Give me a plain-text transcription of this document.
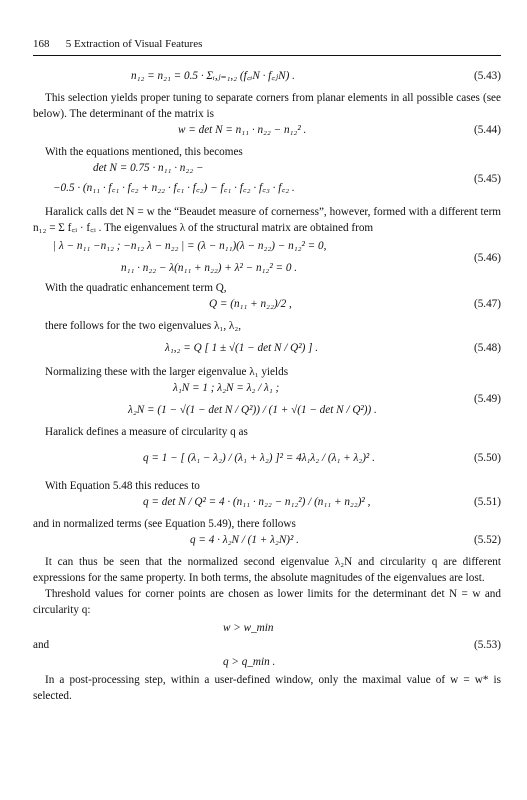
168 5 Extraction of Visual Features
n₁₂ = n₂₁ = 0.5 · Σᵢ,ⱼ₌₁,₂ (f꜀ᵢN · f꜀ⱼN) .	(5.43)

This selection yields proper tuning to separate corners from planar elements in all possible cases (see below). The determinant of the matrix is

w = det N = n₁₁ · n₂₂ − n₁₂² .	(5.44)

With the equations mentioned, this becomes

det N = 0.75 · n₁₁ · n₂₂ −
−0.5 · (n₁₁ · f꜀₁ · f꜀₂ + n₂₂ · f꜀₁ · f꜀₂) − f꜀₁ · f꜀₂ · f꜀₃ · f꜀₂ .
(5.45)

Haralick calls det N = w the “Beaudet measure of cornerness”, however, formed with a different term n₁₂ = Σ f꜀ᵢ · f꜀ᵢ . The eigenvalues λ of the structural matrix are obtained from

| λ − n₁₁ −n₁₂ ; −n₁₂ λ − n₂₂ | = (λ − n₁₁)(λ − n₂₂) − n₁₂² = 0,
n₁₁ · n₂₂ − λ(n₁₁ + n₂₂) + λ² − n₁₂² = 0 .
(5.46)

With the quadratic enhancement term Q,

Q = (n₁₁ + n₂₂)/2 ,	(5.47)

there follows for the two eigenvalues λ₁, λ₂,

λ₁,₂ = Q [ 1 ± √(1 − det N / Q²) ] .	(5.48)

Normalizing these with the larger eigenvalue λ₁ yields

λ₁N = 1 ; λ₂N = λ₂ / λ₁ ;
λ₂N = (1 − √(1 − det N / Q²)) / (1 + √(1 − det N / Q²)) .
(5.49)

Haralick defines a measure of circularity q as

q = 1 − [ (λ₁ − λ₂) / (λ₁ + λ₂) ]² = 4λ₁λ₂ / (λ₁ + λ₂)² .	(5.50)

With Equation 5.48 this reduces to

q = det N / Q² = 4 · (n₁₁ · n₂₂ − n₁₂²) / (n₁₁ + n₂₂)² ,	(5.51)

and in normalized terms (see Equation 5.49), there follows

q = 4 · λ₂N / (1 + λ₂N)² .	(5.52)

It can thus be seen that the normalized second eigenvalue λ₂N and circularity q are different expressions for the same property. In both terms, the absolute magnitudes of the eigenvalues are lost.

Threshold values for corner points are chosen as lower limits for the determinant det N = w and circularity q:

w > w_min
and	(5.53)
q > q_min .

In a post-processing step, within a user-defined window, only the maximal value of w = w* is selected.
